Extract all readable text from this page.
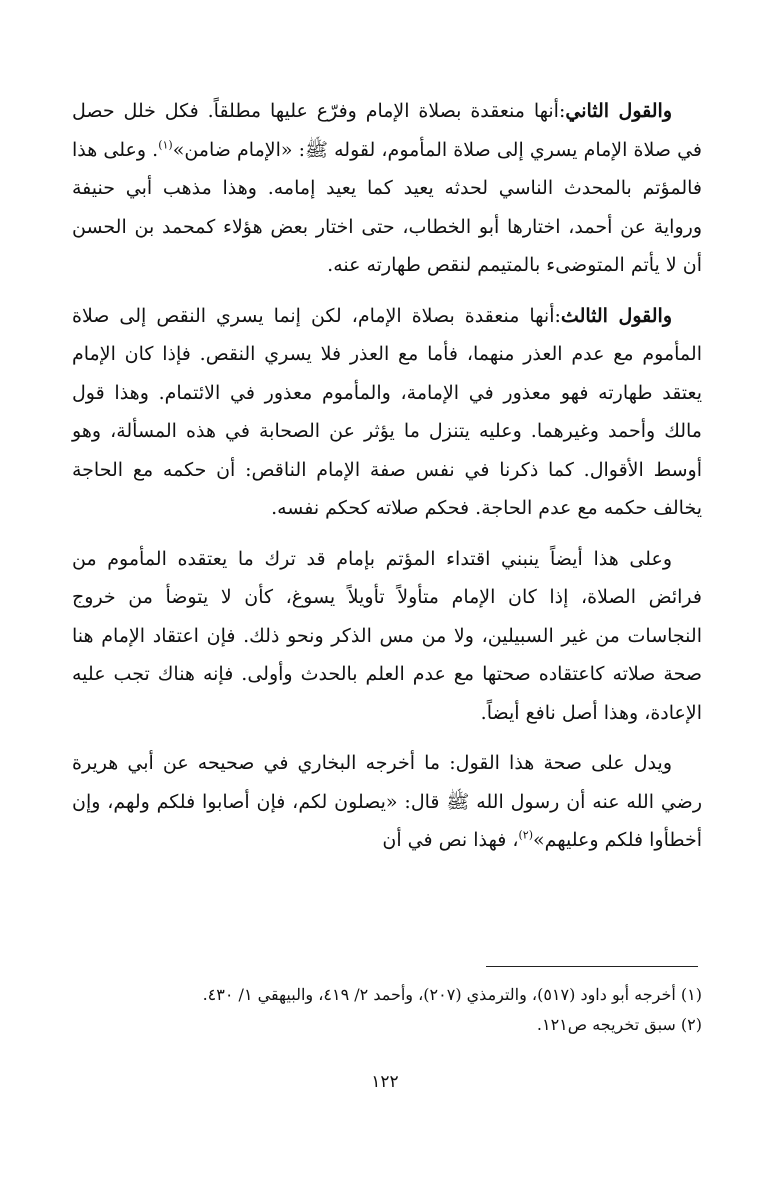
والقول الثاني:أنها منعقدة بصلاة الإمام وفرّع عليها مطلقاً. فكل خلل حصل في صلاة الإمام يسري إلى صلاة المأموم، لقوله ﷺ: «الإمام ضامن»$^{(١)}$. وعلى هذا فالمؤتم بالمحدث الناسي لحدثه يعيد كما يعيد إمامه. وهذا مذهب أبي حنيفة ورواية عن أحمد، اختارها أبو الخطاب، حتى اختار بعض هؤلاء كمحمد بن الحسن أن لا يأتم المتوضىء بالمتيمم لنقص طهارته عنه.

والقول الثالث:أنها منعقدة بصلاة الإمام، لكن إنما يسري النقص إلى صلاة المأموم مع عدم العذر منهما، فأما مع العذر فلا يسري النقص. فإذا كان الإمام يعتقد طهارته فهو معذور في الإمامة، والمأموم معذور في الائتمام. وهذا قول مالك وأحمد وغيرهما. وعليه يتنزل ما يؤثر عن الصحابة في هذه المسألة، وهو أوسط الأقوال. كما ذكرنا في نفس صفة الإمام الناقص: أن حكمه مع الحاجة يخالف حكمه مع عدم الحاجة. فحكم صلاته كحكم نفسه.

وعلى هذا أيضاً ينبني اقتداء المؤتم بإمام قد ترك ما يعتقده المأموم من فرائض الصلاة، إذا كان الإمام متأولاً تأويلاً يسوغ، كأن لا يتوضأ من خروج النجاسات من غير السبيلين، ولا من مس الذكر ونحو ذلك. فإن اعتقاد الإمام هنا صحة صلاته كاعتقاده صحتها مع عدم العلم بالحدث وأولى. فإنه هناك تجب عليه الإعادة، وهذا أصل نافع أيضاً.

ويدل على صحة هذا القول: ما أخرجه البخاري في صحيحه عن أبي هريرة رضي الله عنه أن رسول الله ﷺ قال: «يصلون لكم، فإن أصابوا فلكم ولهم، وإن أخطأوا فلكم وعليهم»$^{(٢)}$، فهذا نص في أن

(١) أخرجه أبو داود (٥١٧)، والترمذي (٢٠٧)، وأحمد ٢/ ٤١٩، والبيهقي ١/ ٤٣٠.

(٢) سبق تخريجه ص١٢١.

١٢٢
